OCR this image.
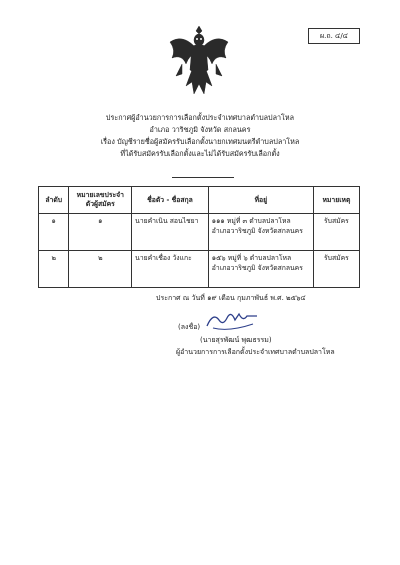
ผ.ถ. ๔/๔
ประกาศผู้อำนวยการการเลือกตั้งประจำเทศบาลตำบลปลาโหล
อำเภอ วาริชภูมิ จังหวัด สกลนคร
เรื่อง บัญชีรายชื่อผู้สมัครรับเลือกตั้งนายกเทศมนตรีตำบลปลาโหล
ที่ได้รับสมัครรับเลือกตั้งและไม่ได้รับสมัครรับเลือกตั้ง
ลำดับ	หมายเลขประจำตัวผู้สมัคร	ชื่อตัว - ชื่อสกุล	ที่อยู่	หมายเหตุ
๑	๑	นายคำเนิน สอนไชยา	๑๑๑ หมู่ที่ ๓ ตำบลปลาโหล
อำเภอวาริชภูมิ จังหวัดสกลนคร	รับสมัคร
๒	๒	นายคำเชื่อง วังแกะ	๑๕๖ หมู่ที่ ๖ ตำบลปลาโหล
อำเภอวาริชภูมิ จังหวัดสกลนคร	รับสมัคร
ประกาศ ณ วันที่ ๑๙ เดือน กุมภาพันธ์ พ.ศ. ๒๕๖๔
(ลงชื่อ)
(นายสุรพัฒน์ พุฒธรรม)
ผู้อำนวยการการเลือกตั้งประจำเทศบาลตำบลปลาโหล
